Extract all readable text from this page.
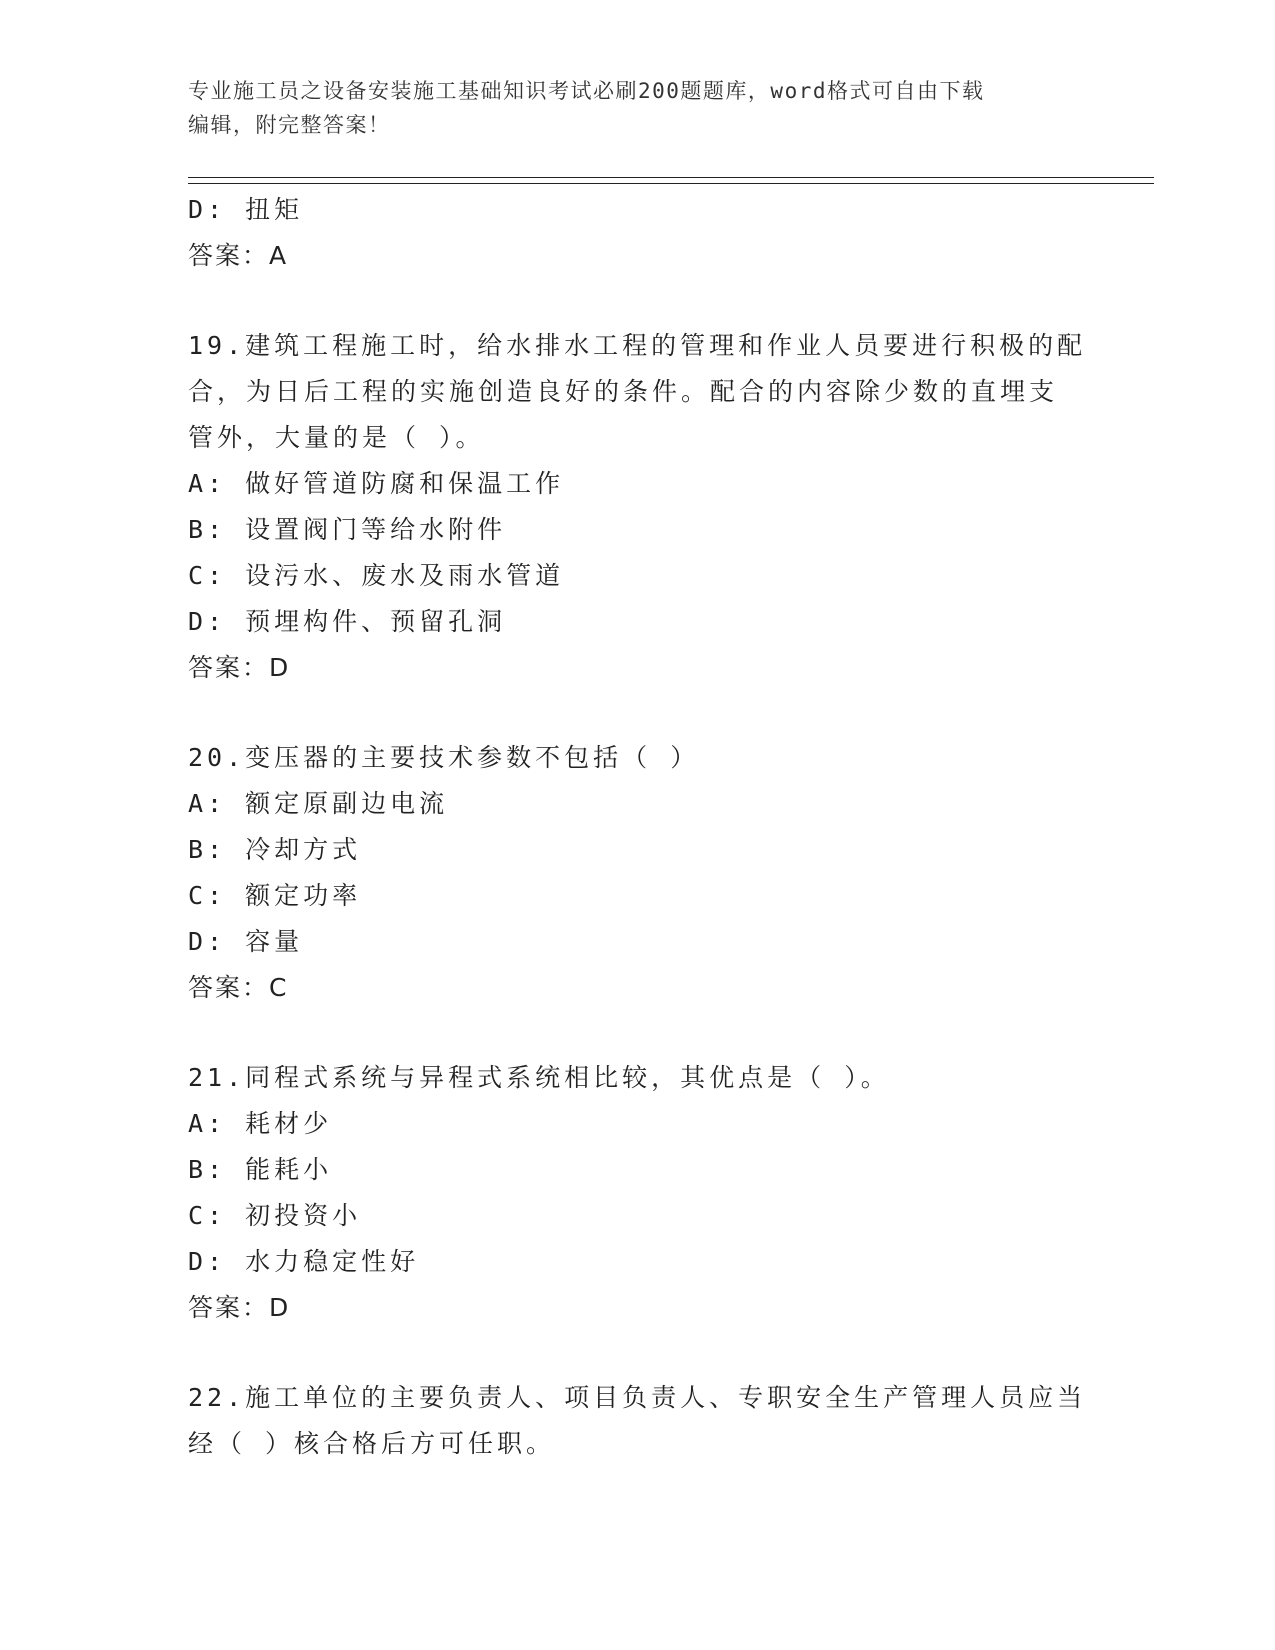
专业施工员之设备安装施工基础知识考试必刷200题题库，word格式可自由下载
编辑，附完整答案！
D: 扭矩
答案：A
19.建筑工程施工时，给水排水工程的管理和作业人员要进行积极的配
合，为日后工程的实施创造良好的条件。配合的内容除少数的直埋支
管外，大量的是（ ）。
A: 做好管道防腐和保温工作
B: 设置阀门等给水附件
C: 设污水、废水及雨水管道
D: 预埋构件、预留孔洞
答案：D
20.变压器的主要技术参数不包括（ ）
A: 额定原副边电流
B: 冷却方式
C: 额定功率
D: 容量
答案：C
21.同程式系统与异程式系统相比较，其优点是（ ）。
A: 耗材少
B: 能耗小
C: 初投资小
D: 水力稳定性好
答案：D
22.施工单位的主要负责人、项目负责人、专职安全生产管理人员应当
经（ ）核合格后方可任职。
